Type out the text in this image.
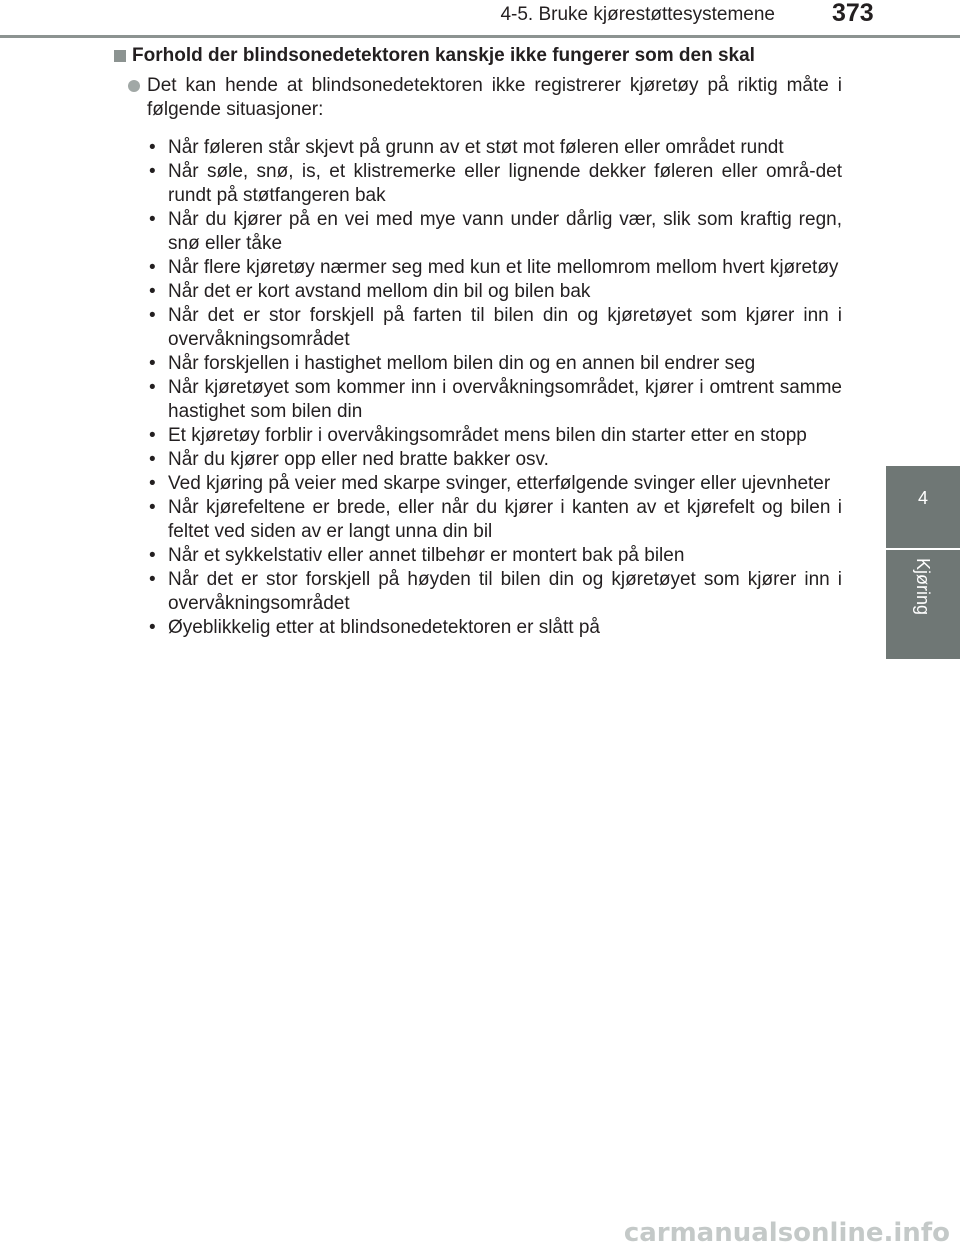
4-5. Bruke kjørestøttesystemene 373
4
Kjøring
Forhold der blindsonedetektoren kanskje ikke fungerer som den skal
Det kan hende at blindsonedetektoren ikke registrerer kjøretøy på riktig måte i følgende situasjoner:
• Når føleren står skjevt på grunn av et støt mot føleren eller området rundt
• Når søle, snø, is, et klistremerke eller lignende dekker føleren eller områ-det rundt på støtfangeren bak
• Når du kjører på en vei med mye vann under dårlig vær, slik som kraftig regn, snø eller tåke
• Når flere kjøretøy nærmer seg med kun et lite mellomrom mellom hvert kjøretøy
• Når det er kort avstand mellom din bil og bilen bak
• Når det er stor forskjell på farten til bilen din og kjøretøyet som kjører inn i overvåkningsområdet
• Når forskjellen i hastighet mellom bilen din og en annen bil endrer seg
• Når kjøretøyet som kommer inn i overvåkningsområdet, kjører i omtrent samme hastighet som bilen din
• Et kjøretøy forblir i overvåkingsområdet mens bilen din starter etter en stopp
• Når du kjører opp eller ned bratte bakker osv.
• Ved kjøring på veier med skarpe svinger, etterfølgende svinger eller ujevnheter
• Når kjørefeltene er brede, eller når du kjører i kanten av et kjørefelt og bilen i feltet ved siden av er langt unna din bil
• Når et sykkelstativ eller annet tilbehør er montert bak på bilen
• Når det er stor forskjell på høyden til bilen din og kjøretøyet som kjører inn i overvåkningsområdet
• Øyeblikkelig etter at blindsonedetektoren er slått på
carmanualsonline.info
